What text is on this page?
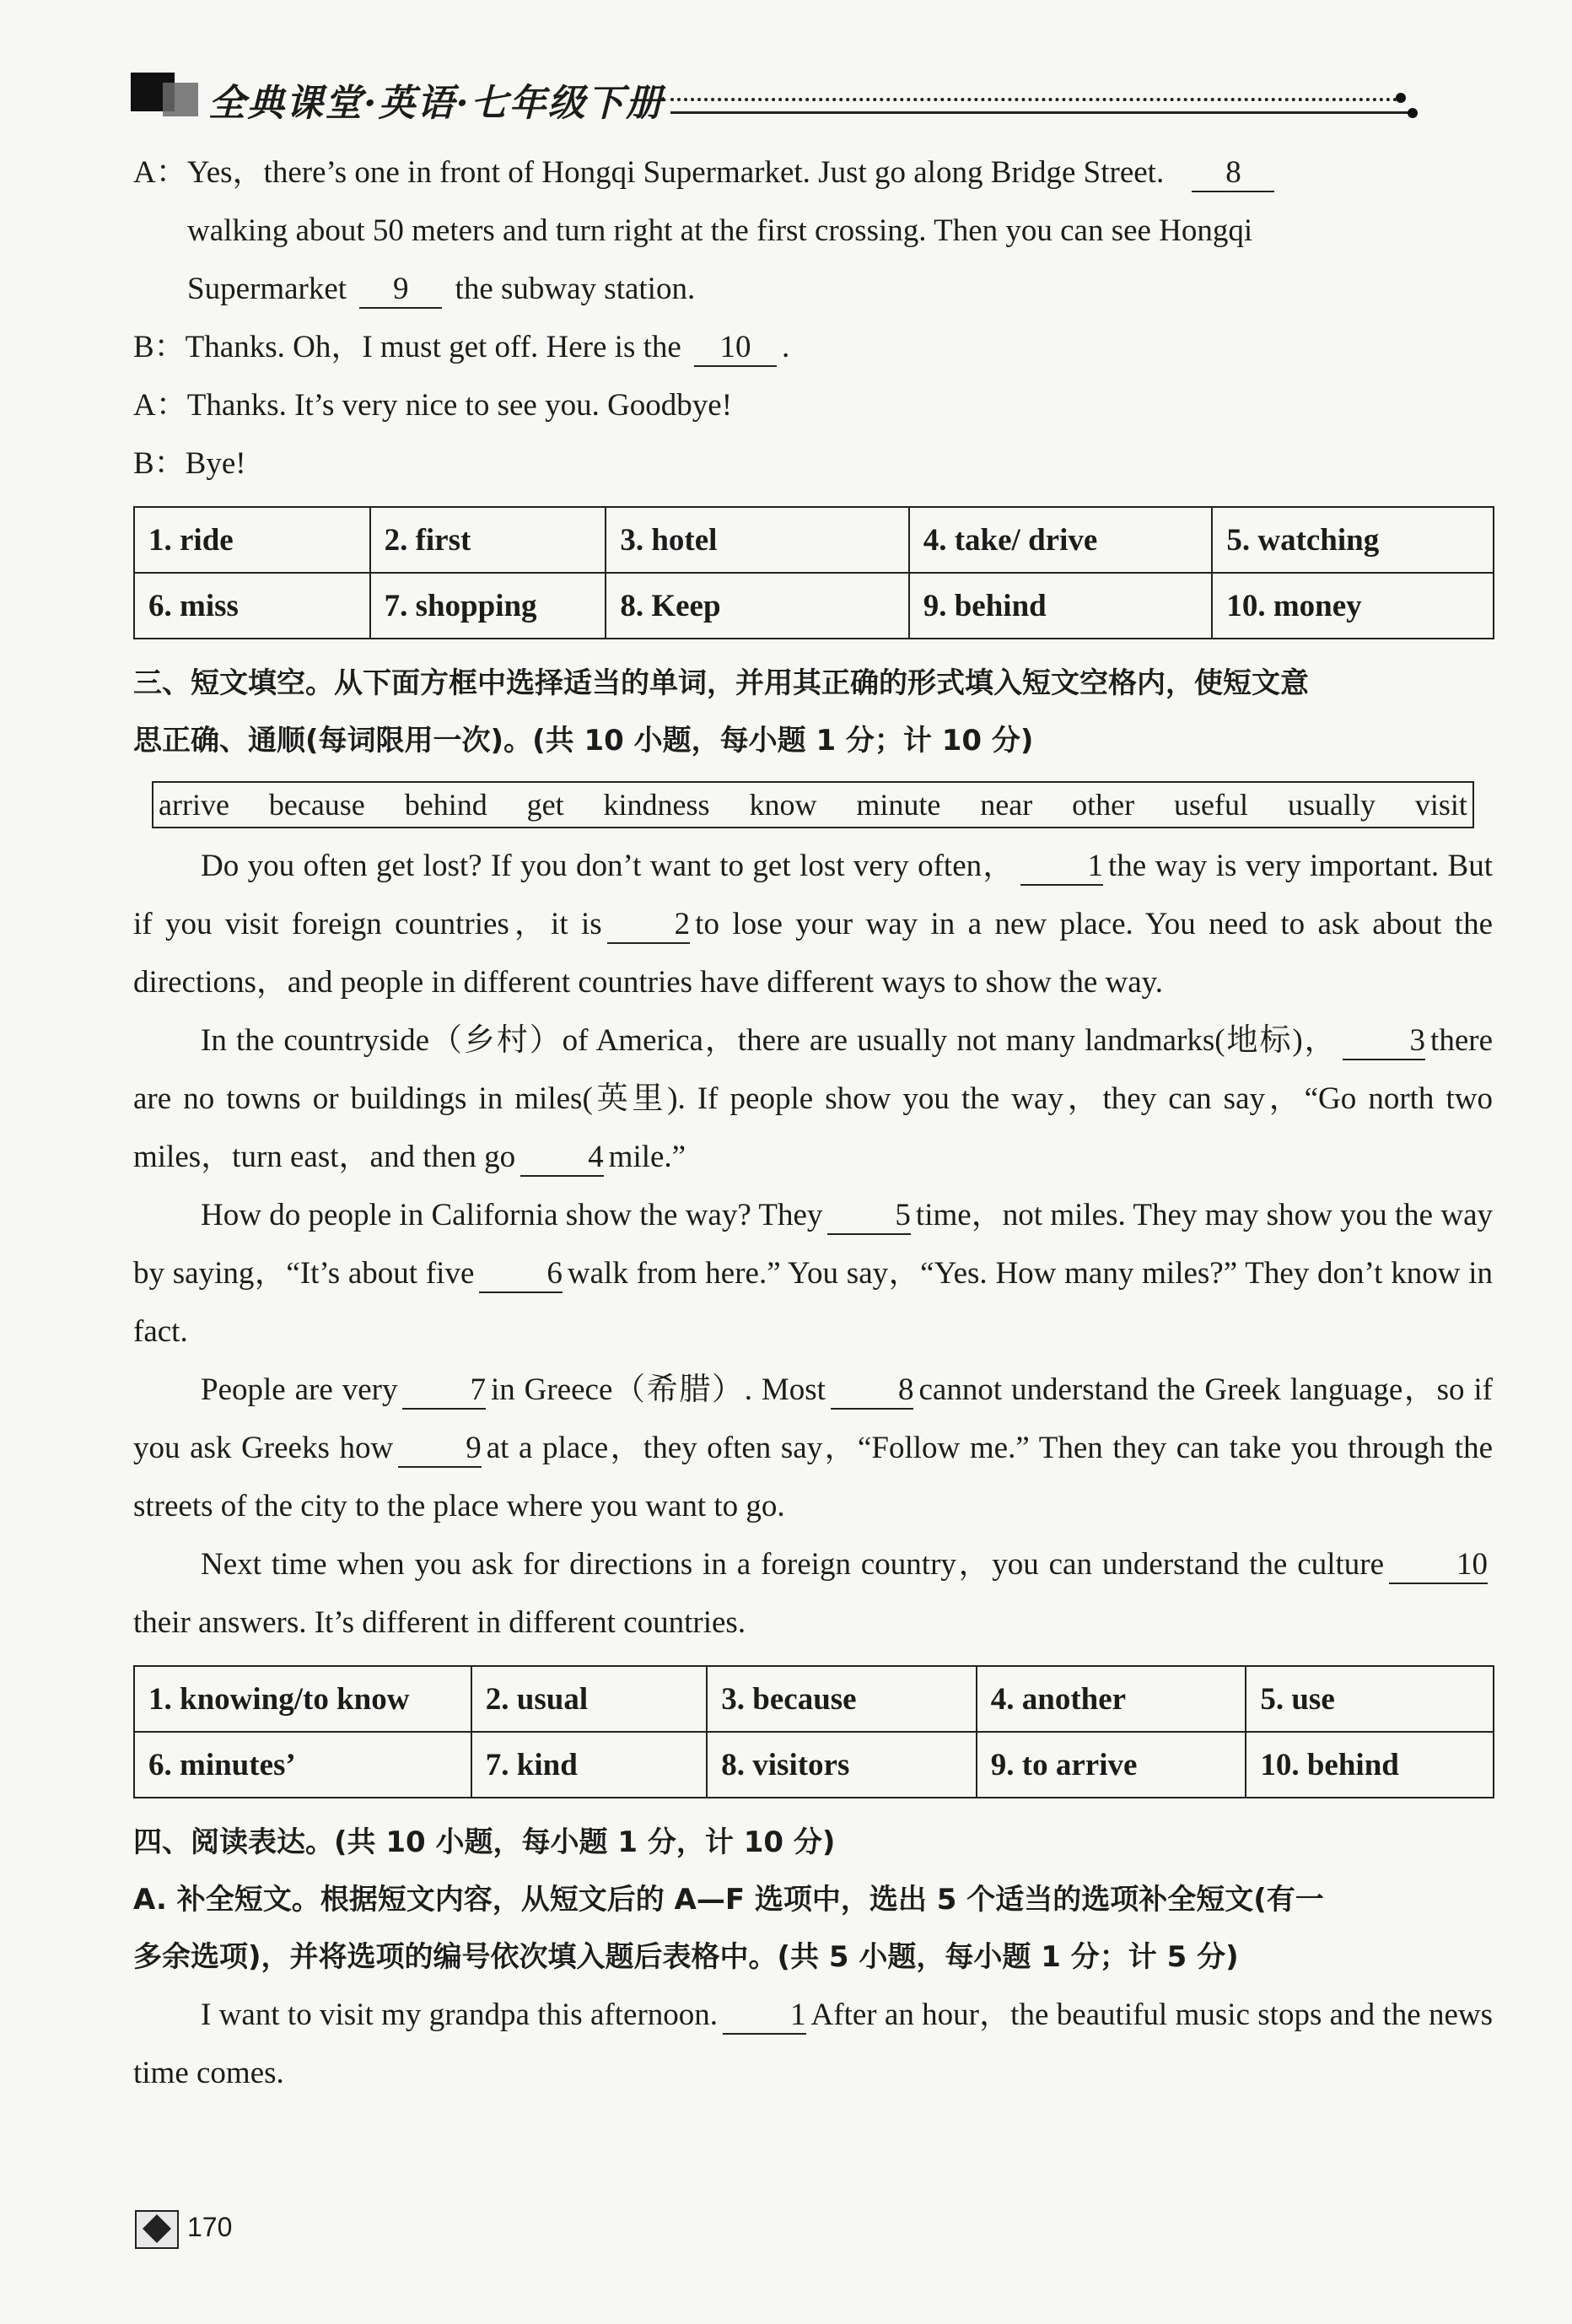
全典课堂·英语·七年级下册
A：Yes，there’s one in front of Hongqi Supermarket. Just go along Bridge Street. 8
walking about 50 meters and turn right at the first crossing. Then you can see Hongqi
Supermarket 9 the subway station.
B：Thanks. Oh，I must get off. Here is the 10 .
A：Thanks. It’s very nice to see you. Goodbye!
B：Bye!
1. ride	2. first	3. hotel	4. take/ drive	5. watching
6. miss	7. shopping	8. Keep	9. behind	10. money
三、短文填空。从下面方框中选择适当的单词，并用其正确的形式填入短文空格内，使短文意
思正确、通顺(每词限用一次)。(共 10 小题，每小题 1 分；计 10 分)
arrive because behind get kindness know minute near other useful usually visit

Do you often get lost? If you don’t want to get lost very often， 1 the way is very important. But if you visit foreign countries，it is 2 to lose your way in a new place. You need to ask about the directions，and people in different countries have different ways to show the way.

In the countryside（乡村）of America，there are usually not many landmarks(地标)， 3 there are no towns or buildings in miles(英里). If people show you the way，they can say，“Go north two miles，turn east，and then go 4 mile.”

How do people in California show the way? They 5 time，not miles. They may show you the way by saying，“It’s about five 6 walk from here.” You say，“Yes. How many miles?” They don’t know in fact.

People are very 7 in Greece（希腊）. Most 8 cannot understand the Greek language，so if you ask Greeks how 9 at a place，they often say，“Follow me.” Then they can take you through the streets of the city to the place where you want to go.

Next time when you ask for directions in a foreign country，you can understand the culture 10their answers. It’s different in different countries.

1. knowing/to know	2. usual	3. because	4. another	5. use
6. minutes’	7. kind	8. visitors	9. to arrive	10. behind
四、阅读表达。(共 10 小题，每小题 1 分，计 10 分)
A. 补全短文。根据短文内容，从短文后的 A—F 选项中，选出 5 个适当的选项补全短文(有一
多余选项)，并将选项的编号依次填入题后表格中。(共 5 小题，每小题 1 分；计 5 分)

I want to visit my grandpa this afternoon. 1 After an hour，the beautiful music stops and the news time comes.

170
